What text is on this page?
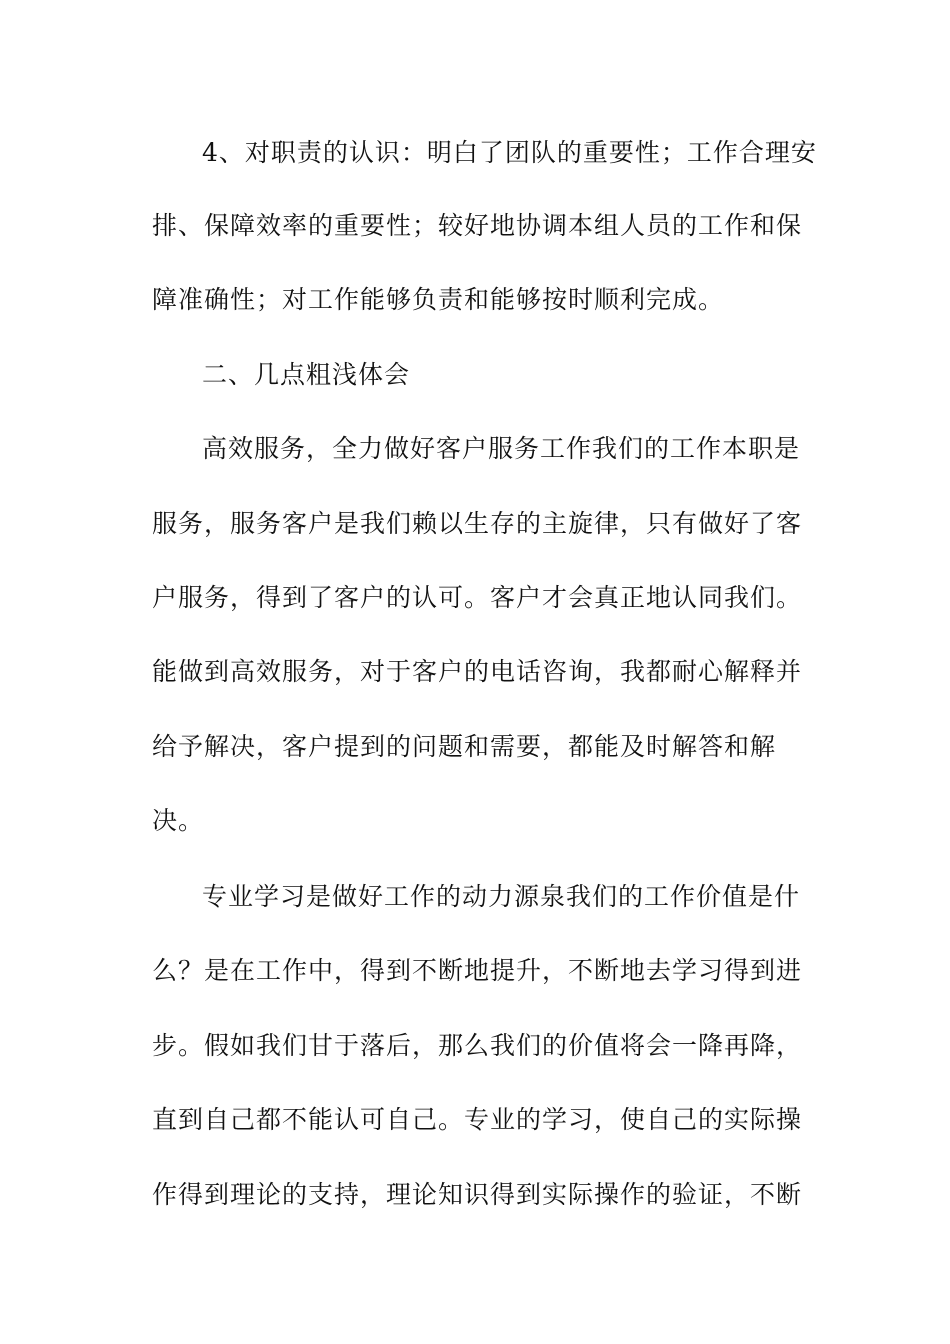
4、对职责的认识：明白了团队的重要性；工作合理安
排、保障效率的重要性；较好地协调本组人员的工作和保
障准确性；对工作能够负责和能够按时顺利完成。
二、几点粗浅体会
高效服务，全力做好客户服务工作我们的工作本职是
服务，服务客户是我们赖以生存的主旋律，只有做好了客
户服务，得到了客户的认可。客户才会真正地认同我们。
能做到高效服务，对于客户的电话咨询，我都耐心解释并
给予解决，客户提到的问题和需要，都能及时解答和解
决。
专业学习是做好工作的动力源泉我们的工作价值是什
么？是在工作中，得到不断地提升，不断地去学习得到进
步。假如我们甘于落后，那么我们的价值将会一降再降，
直到自己都不能认可自己。专业的学习，使自己的实际操
作得到理论的支持，理论知识得到实际操作的验证，不断
